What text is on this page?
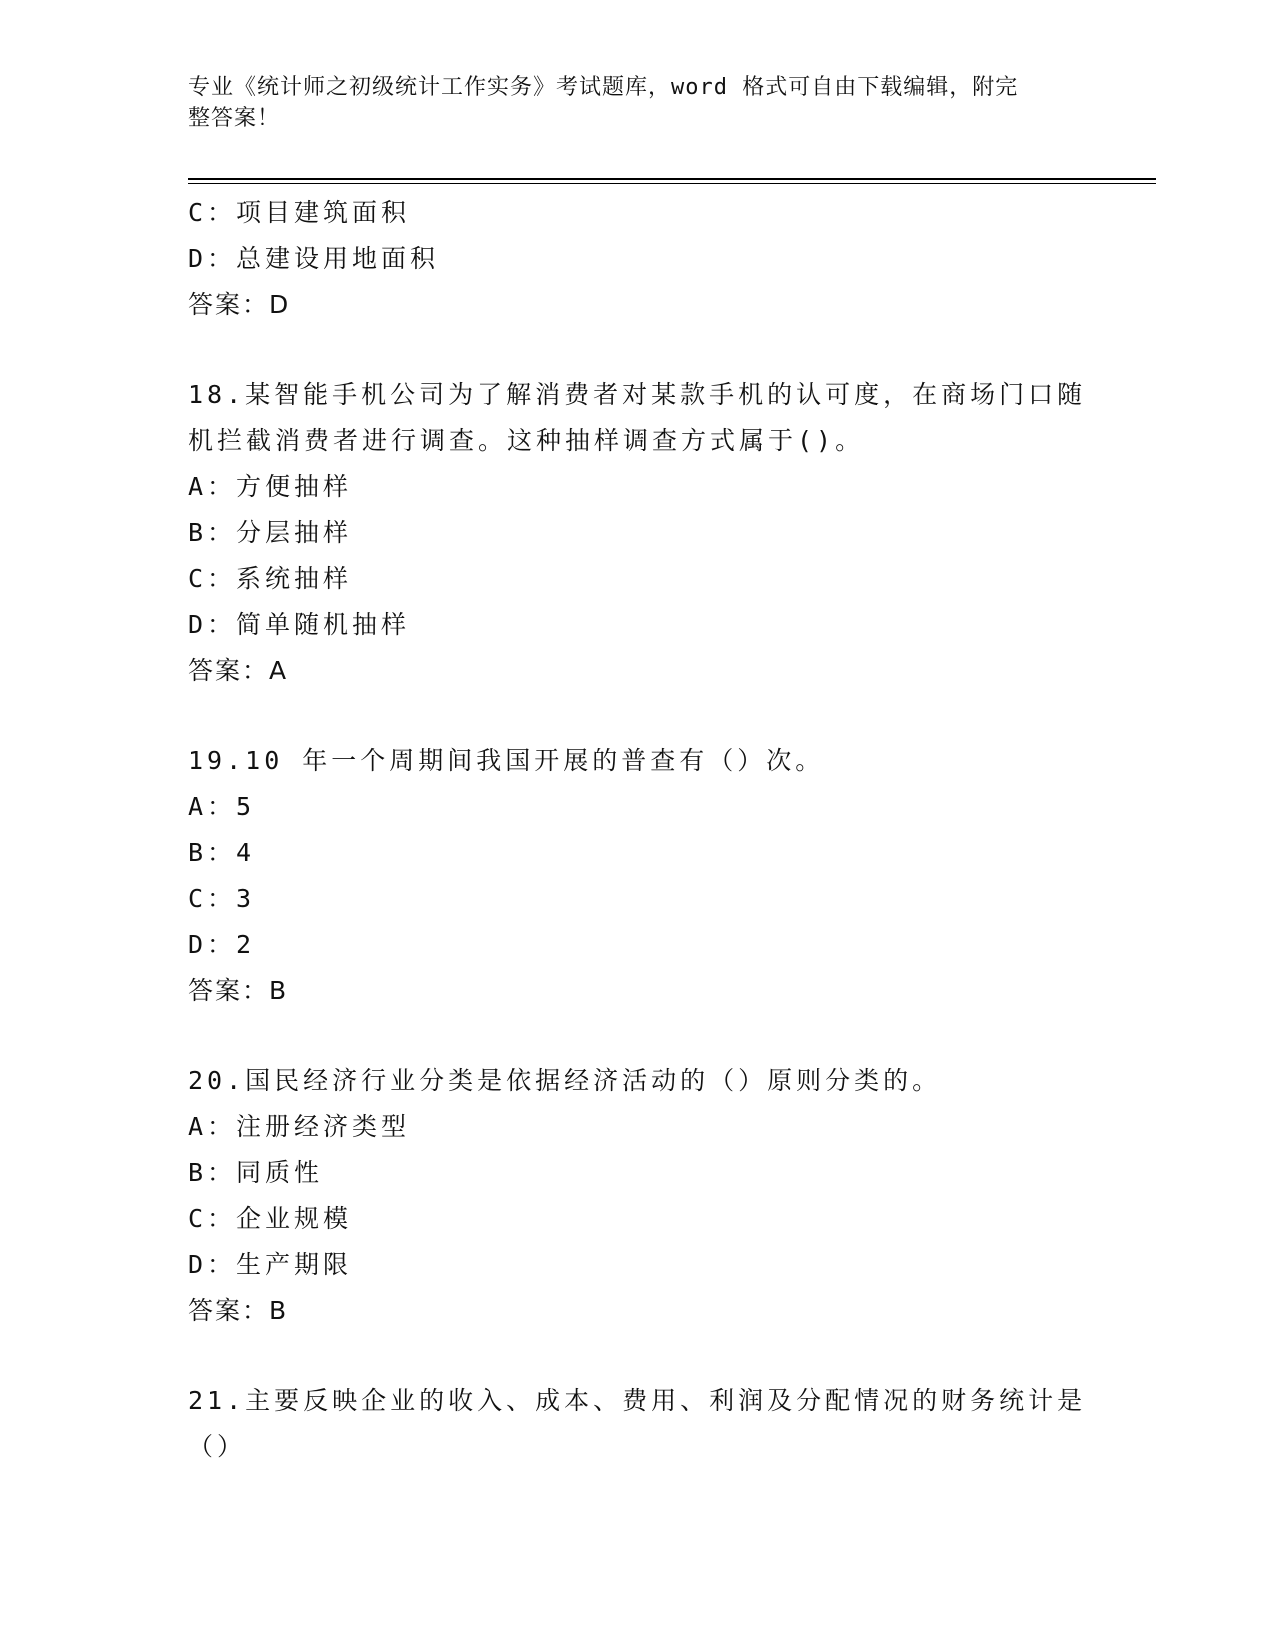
专业《统计师之初级统计工作实务》考试题库，word 格式可自由下载编辑，附完
整答案！
C：项目建筑面积
D：总建设用地面积
答案：D
18.某智能手机公司为了解消费者对某款手机的认可度，在商场门口随
机拦截消费者进行调查。这种抽样调查方式属于()。
A：方便抽样
B：分层抽样
C：系统抽样
D：简单随机抽样
答案：A
19.10 年一个周期间我国开展的普查有（）次。
A：5
B：4
C：3
D：2
答案：B
20.国民经济行业分类是依据经济活动的（）原则分类的。
A：注册经济类型
B：同质性
C：企业规模
D：生产期限
答案：B
21.主要反映企业的收入、成本、费用、利润及分配情况的财务统计是
（）
